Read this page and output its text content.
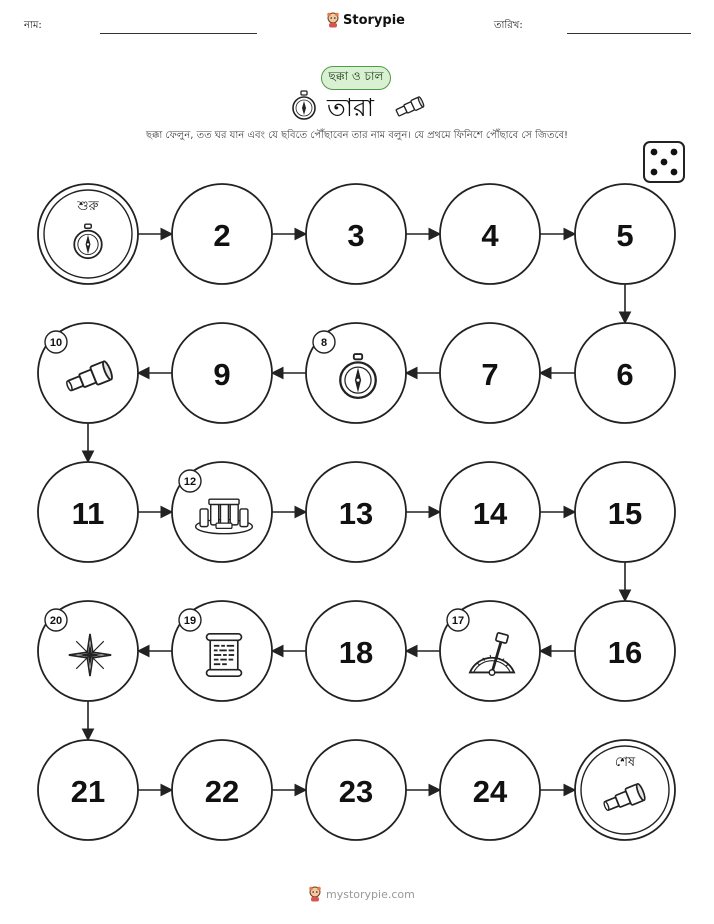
নাম:	Storypie	তারিখ:
ছক্কা ও চাল
তারা
ছক্কা ফেলুন, তত ঘর যান এবং যে ছবিতে পৌঁছাবেন তার নাম বলুন। যে প্রথমে ফিনিশে পৌঁছাবে সে জিতবে!
শুরু
2	3	4	5
10
9
8
7	6
11
12
13	14	15
20	19
18
17
16
21	22	23	24
শেষ
mystorypie.com
